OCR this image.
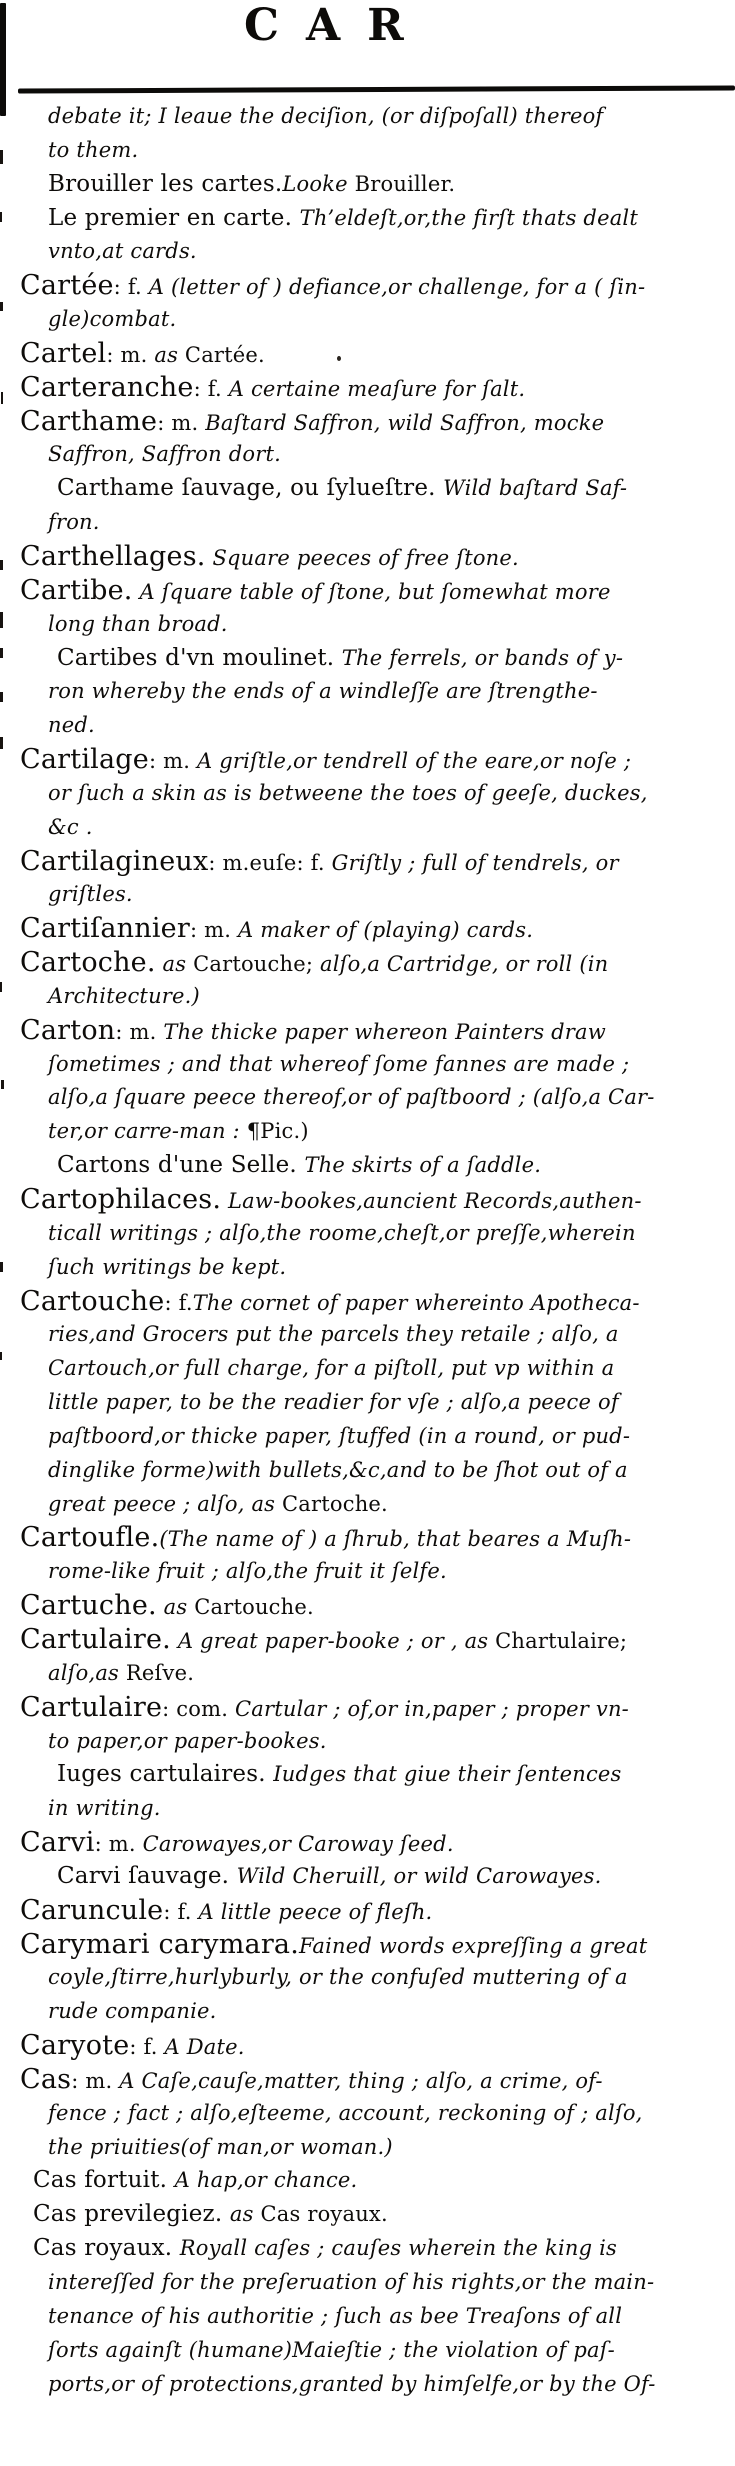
CAR
debate it; I leaue the deciſion, (or diſpoſall) thereof
to them.
Brouiller les cartes.Looke Brouiller.
Le premier en carte. Th’eldeſt,or,the firſt thats dealt
vnto,at cards.
Cartée: f. A (letter of ) defiance,or challenge, for a ( ſin-
gle)combat.
Cartel: m. as Cartée.
Carteranche: f. A certaine meaſure for ſalt.
Carthame: m. Baſtard Saffron, wild Saffron, mocke
Saffron, Saffron dort.
Carthame ſauvage, ou ſylueſtre. Wild baſtard Saf-
fron.
Carthellages. Square peeces of free ſtone.
Cartibe. A ſquare table of ſtone, but ſomewhat more
long than broad.
Cartibes d'vn moulinet. The ferrels, or bands of y-
ron whereby the ends of a windleſſe are ſtrengthe-
ned.
Cartilage: m. A griſtle,or tendrell of the eare,or noſe ;
or ſuch a skin as is betweene the toes of geeſe, duckes,
&c .
Cartilagineux: m.euſe: f. Griſtly ; full of tendrels, or
griſtles.
Cartiſannier: m. A maker of (playing) cards.
Cartoche. as Cartouche; alſo,a Cartridge, or roll (in
Architecture.)
Carton: m. The thicke paper whereon Painters draw
ſometimes ; and that whereof ſome fannes are made ;
alſo,a ſquare peece thereof,or of paſtboord ; (alſo,a Car-
ter,or carre-man : ¶Pic.)
Cartons d'une Selle. The skirts of a ſaddle.
Cartophilaces. Law-bookes,auncient Records,authen-
ticall writings ; alſo,the roome,cheſt,or preſſe,wherein
ſuch writings be kept.
Cartouche: f.The cornet of paper whereinto Apotheca-
ries,and Grocers put the parcels they retaile ; alſo, a
Cartouch,or full charge, for a piſtoll, put vp within a
little paper, to be the readier for vſe ; alſo,a peece of
paſtboord,or thicke paper, ſtuffed (in a round, or pud-
dinglike forme)with bullets,&c,and to be ſhot out of a
great peece ; alſo, as Cartoche.
Cartoufle.(The name of ) a ſhrub, that beares a Muſh-
rome-like fruit ; alſo,the fruit it ſelfe.
Cartuche. as Cartouche.
Cartulaire. A great paper-booke ; or , as Chartulaire;
alſo,as Reſve.
Cartulaire: com. Cartular ; of,or in,paper ; proper vn-
to paper,or paper-bookes.
Iuges cartulaires. Iudges that giue their ſentences
in writing.
Carvi: m. Carowayes,or Caroway ſeed.
Carvi ſauvage. Wild Cheruill, or wild Carowayes.
Caruncule: f. A little peece of fleſh.
Carymari carymara.Fained words expreſſing a great
coyle,ſtirre,hurlyburly, or the confuſed muttering of a
rude companie.
Caryote: f. A Date.
Cas: m. A Caſe,cauſe,matter, thing ; alſo, a crime, of-
fence ; fact ; alſo,eſteeme, account, reckoning of ; alſo,
the priuities(of man,or woman.)
Cas fortuit. A hap,or chance.
Cas previlegiez. as Cas royaux.
Cas royaux. Royall caſes ; cauſes wherein the king is
intereſſed for the preſeruation of his rights,or the main-
tenance of his authoritie ; ſuch as bee Treaſons of all
ſorts againſt (humane)Maieſtie ; the violation of paſ-
ports,or of protections,granted by himſelfe,or by the Of-
